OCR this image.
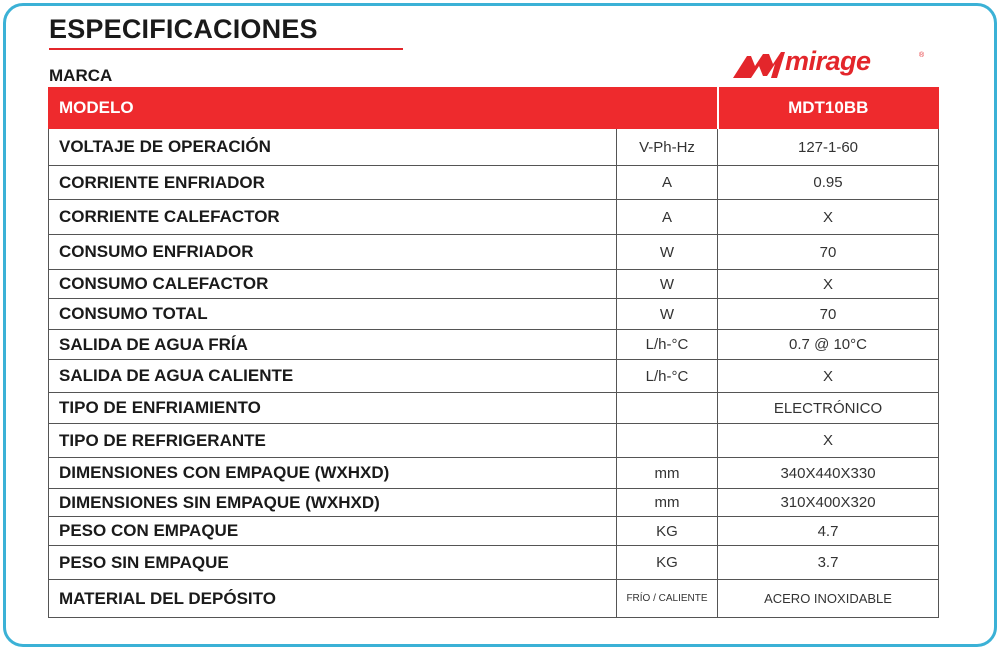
ESPECIFICACIONES
MARCA	mirage	®
MODELO		MDT10BB
VOLTAJE DE OPERACIÓN	V-Ph-Hz	127-1-60
CORRIENTE ENFRIADOR	A	0.95
CORRIENTE CALEFACTOR	A	X
CONSUMO ENFRIADOR	W	70
CONSUMO CALEFACTOR	W	X
CONSUMO TOTAL	W	70
SALIDA DE AGUA FRÍA	L/h-°C	0.7 @ 10°C
SALIDA DE AGUA CALIENTE	L/h-°C	X
TIPO DE ENFRIAMIENTO		ELECTRÓNICO
TIPO DE REFRIGERANTE		X
DIMENSIONES CON EMPAQUE (WXHXD)	mm	340X440X330
DIMENSIONES SIN EMPAQUE (WXHXD)	mm	310X400X320
PESO CON EMPAQUE	KG	4.7
PESO SIN EMPAQUE	KG	3.7
MATERIAL DEL DEPÓSITO	FRÍO / CALIENTE	ACERO INOXIDABLE
